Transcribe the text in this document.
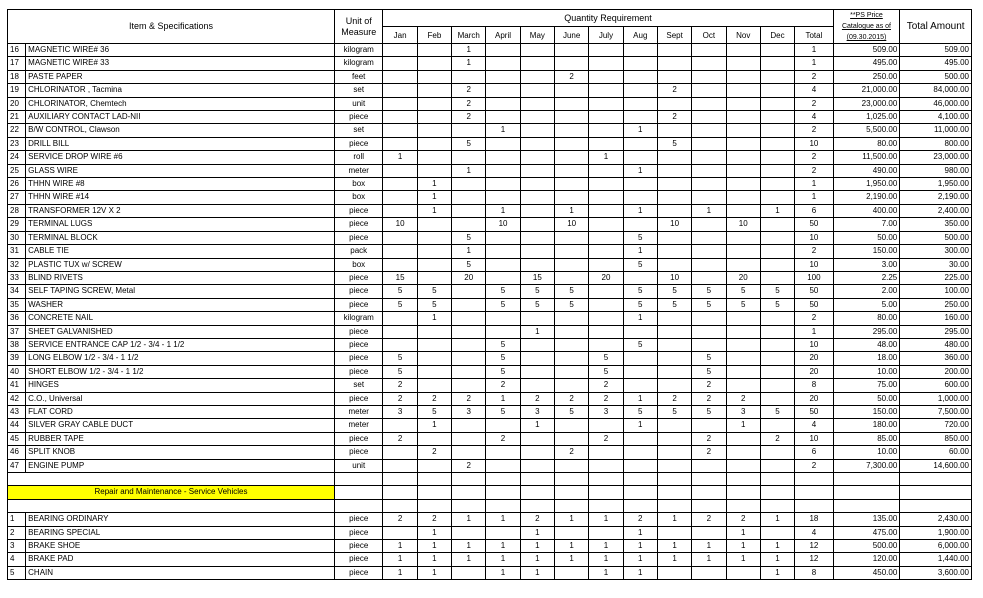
Item & Specifications		Unit of Measure	Quantity Requirement													**PS Price Catalogue as of (09.30.2015)	Total Amount
			Jan	Feb	March	April	May	June	July	Aug	Sept	Oct	Nov	Dec	Total		
16	MAGNETIC WIRE# 36	kilogram			1										1	509.00	509.00
17	MAGNETIC WIRE# 33	kilogram			1										1	495.00	495.00
18	PASTE PAPER	feet						2							2	250.00	500.00
19	CHLORINATOR , Tacmina	set			2						2				4	21,000.00	84,000.00
20	CHLORINATOR, Chemtech	unit			2										2	23,000.00	46,000.00
21	AUXILIARY CONTACT LAD-NII	piece			2						2				4	1,025.00	4,100.00
22	B/W CONTROL, Clawson	set				1				1					2	5,500.00	11,000.00
23	DRILL BILL	piece			5						5				10	80.00	800.00
24	SERVICE DROP WIRE #6	roll	1						1						2	11,500.00	23,000.00
25	GLASS WIRE	meter			1					1					2	490.00	980.00
26	THHN WIRE #8	box		1											1	1,950.00	1,950.00
27	THHN WIRE #14	box		1											1	2,190.00	2,190.00
28	TRANSFORMER 12V X 2	piece		1		1		1		1		1		1	6	400.00	2,400.00
29	TERMINAL LUGS	piece	10			10		10			10		10		50	7.00	350.00
30	TERMINAL BLOCK	piece			5					5					10	50.00	500.00
31	CABLE TIE	pack			1					1					2	150.00	300.00
32	PLASTIC TUX w/ SCREW	box			5					5					10	3.00	30.00
33	BLIND RIVETS	piece	15		20		15		20		10		20		100	2.25	225.00
34	SELF TAPING SCREW, Metal	piece	5	5		5	5	5		5	5	5	5	5	50	2.00	100.00
35	WASHER	piece	5	5		5	5	5		5	5	5	5	5	50	5.00	250.00
36	CONCRETE NAIL	kilogram		1						1					2	80.00	160.00
37	SHEET GALVANISHED	piece					1								1	295.00	295.00
38	SERVICE ENTRANCE CAP 1/2 - 3/4 - 1 1/2	piece				5				5					10	48.00	480.00
39	LONG ELBOW 1/2 - 3/4 - 1 1/2	piece	5			5			5			5			20	18.00	360.00
40	SHORT ELBOW 1/2 - 3/4 - 1 1/2	piece	5			5			5			5			20	10.00	200.00
41	HINGES	set	2			2			2			2			8	75.00	600.00
42	C.O., Universal	piece	2	2	2	1	2	2	2	1	2	2	2		20	50.00	1,000.00
43	FLAT CORD	meter	3	5	3	5	3	5	3	5	5	5	3	5	50	150.00	7,500.00
44	SILVER GRAY CABLE DUCT	meter		1			1			1			1		4	180.00	720.00
45	RUBBER TAPE	piece	2			2			2			2		2	10	85.00	850.00
46	SPLIT KNOB	piece		2				2				2			6	10.00	60.00
47	ENGINE PUMP	unit			2										2	7,300.00	14,600.00

Repair and Maintenance - Service Vehicles																	

1	BEARING ORDINARY	piece	2	2	1	1	2	1	1	2	1	2	2	1	18	135.00	2,430.00
2	BEARING SPECIAL	piece		1			1			1			1		4	475.00	1,900.00
3	BRAKE SHOE	piece	1	1	1	1	1	1	1	1	1	1	1	1	12	500.00	6,000.00
4	BRAKE PAD	piece	1	1	1	1	1	1	1	1	1	1	1	1	12	120.00	1,440.00
5	CHAIN	piece	1	1		1	1		1	1				1	8	450.00	3,600.00
